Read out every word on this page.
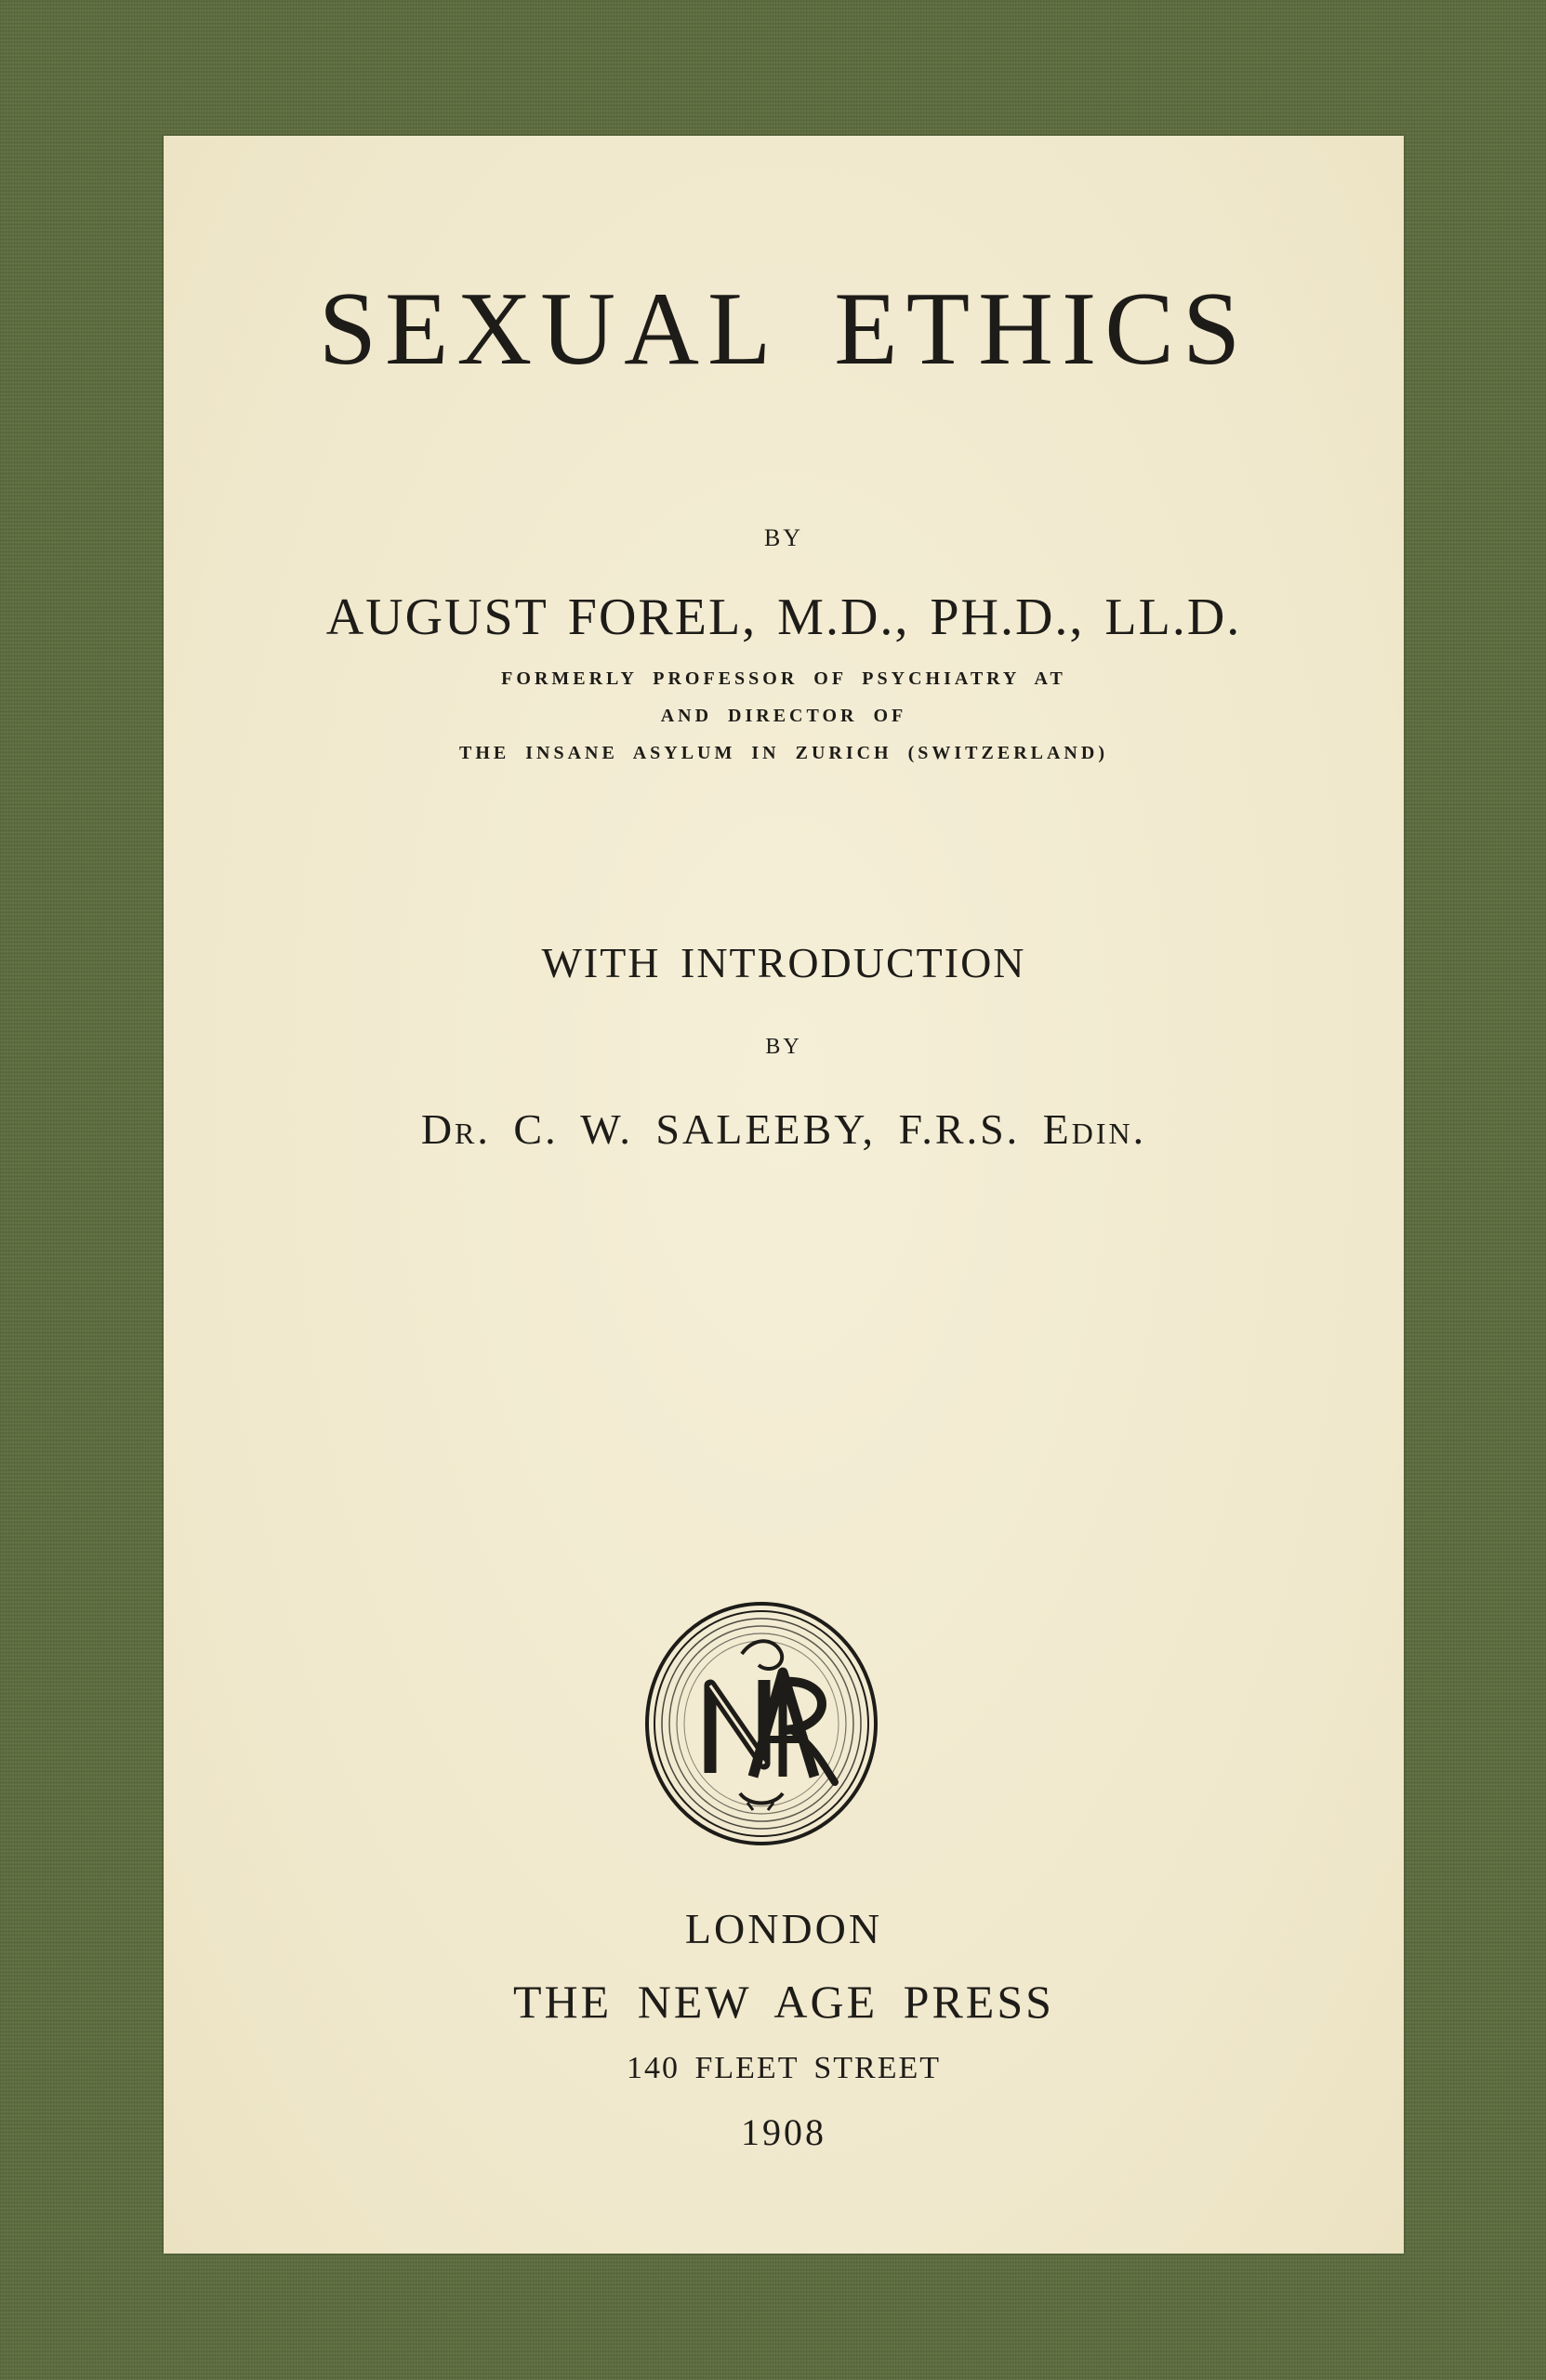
SEXUAL ETHICS

BY

AUGUST FOREL, M.D., PH.D., LL.D.

FORMERLY PROFESSOR OF PSYCHIATRY AT

AND DIRECTOR OF

THE INSANE ASYLUM IN ZURICH (SWITZERLAND)

WITH INTRODUCTION

BY

Dr. C. W. SALEEBY, F.R.S. Edin.

LONDON

THE NEW AGE PRESS

140 FLEET STREET

1908
